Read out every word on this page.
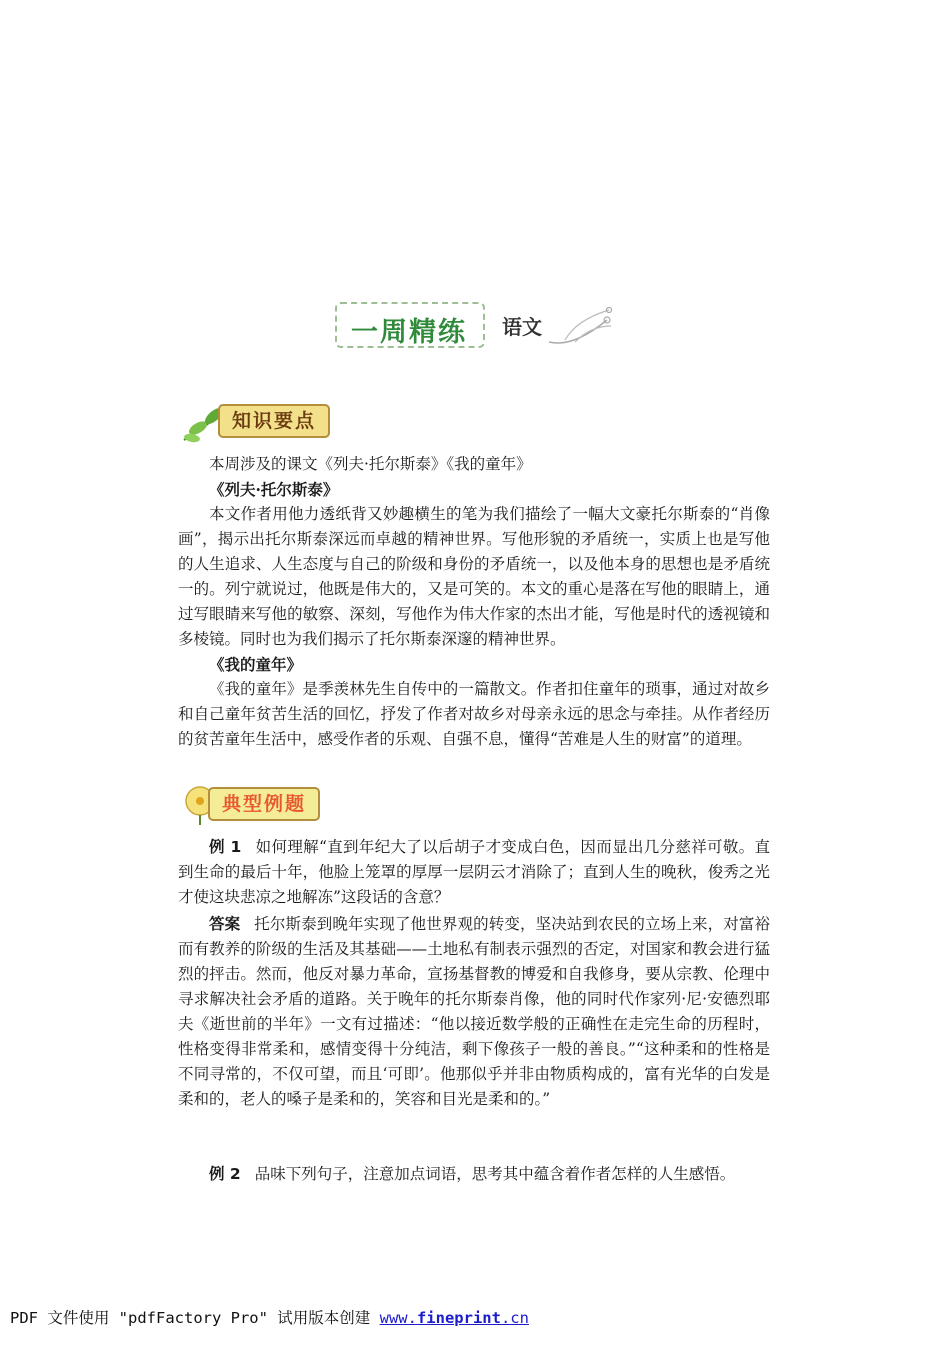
一周精练 语文
知识要点

本周涉及的课文《列夫·托尔斯泰》《我的童年》

《列夫·托尔斯泰》

本文作者用他力透纸背又妙趣横生的笔为我们描绘了一幅大文豪托尔斯泰的“肖像画”，揭示出托尔斯泰深远而卓越的精神世界。写他形貌的矛盾统一，实质上也是写他的人生追求、人生态度与自己的阶级和身份的矛盾统一，以及他本身的思想也是矛盾统一的。列宁就说过，他既是伟大的，又是可笑的。本文的重心是落在写他的眼睛上，通过写眼睛来写他的敏察、深刻，写他作为伟大作家的杰出才能，写他是时代的透视镜和多棱镜。同时也为我们揭示了托尔斯泰深邃的精神世界。

《我的童年》

《我的童年》是季羡林先生自传中的一篇散文。作者扣住童年的琐事，通过对故乡和自己童年贫苦生活的回忆，抒发了作者对故乡对母亲永远的思念与牵挂。从作者经历的贫苦童年生活中，感受作者的乐观、自强不息，懂得“苦难是人生的财富”的道理。

典型例题

例 1 如何理解“直到年纪大了以后胡子才变成白色，因而显出几分慈祥可敬。直到生命的最后十年，他脸上笼罩的厚厚一层阴云才消除了；直到人生的晚秋，俊秀之光才使这块悲凉之地解冻”这段话的含意？

答案 托尔斯泰到晚年实现了他世界观的转变，坚决站到农民的立场上来，对富裕而有教养的阶级的生活及其基础——土地私有制表示强烈的否定，对国家和教会进行猛烈的抨击。然而，他反对暴力革命，宣扬基督教的博爱和自我修身，要从宗教、伦理中寻求解决社会矛盾的道路。关于晚年的托尔斯泰肖像，他的同时代作家列·尼·安德烈耶夫《逝世前的半年》一文有过描述：“他以接近数学般的正确性在走完生命的历程时，性格变得非常柔和，感情变得十分纯洁，剩下像孩子一般的善良。”“这种柔和的性格是不同寻常的，不仅可望，而且‘可即’。他那似乎并非由物质构成的，富有光华的白发是柔和的，老人的嗓子是柔和的，笑容和目光是柔和的。”

例 2 品味下列句子，注意加点词语，思考其中蕴含着作者怎样的人生感悟。

PDF 文件使用 "pdfFactory Pro" 试用版本创建 www.fineprint.cn
